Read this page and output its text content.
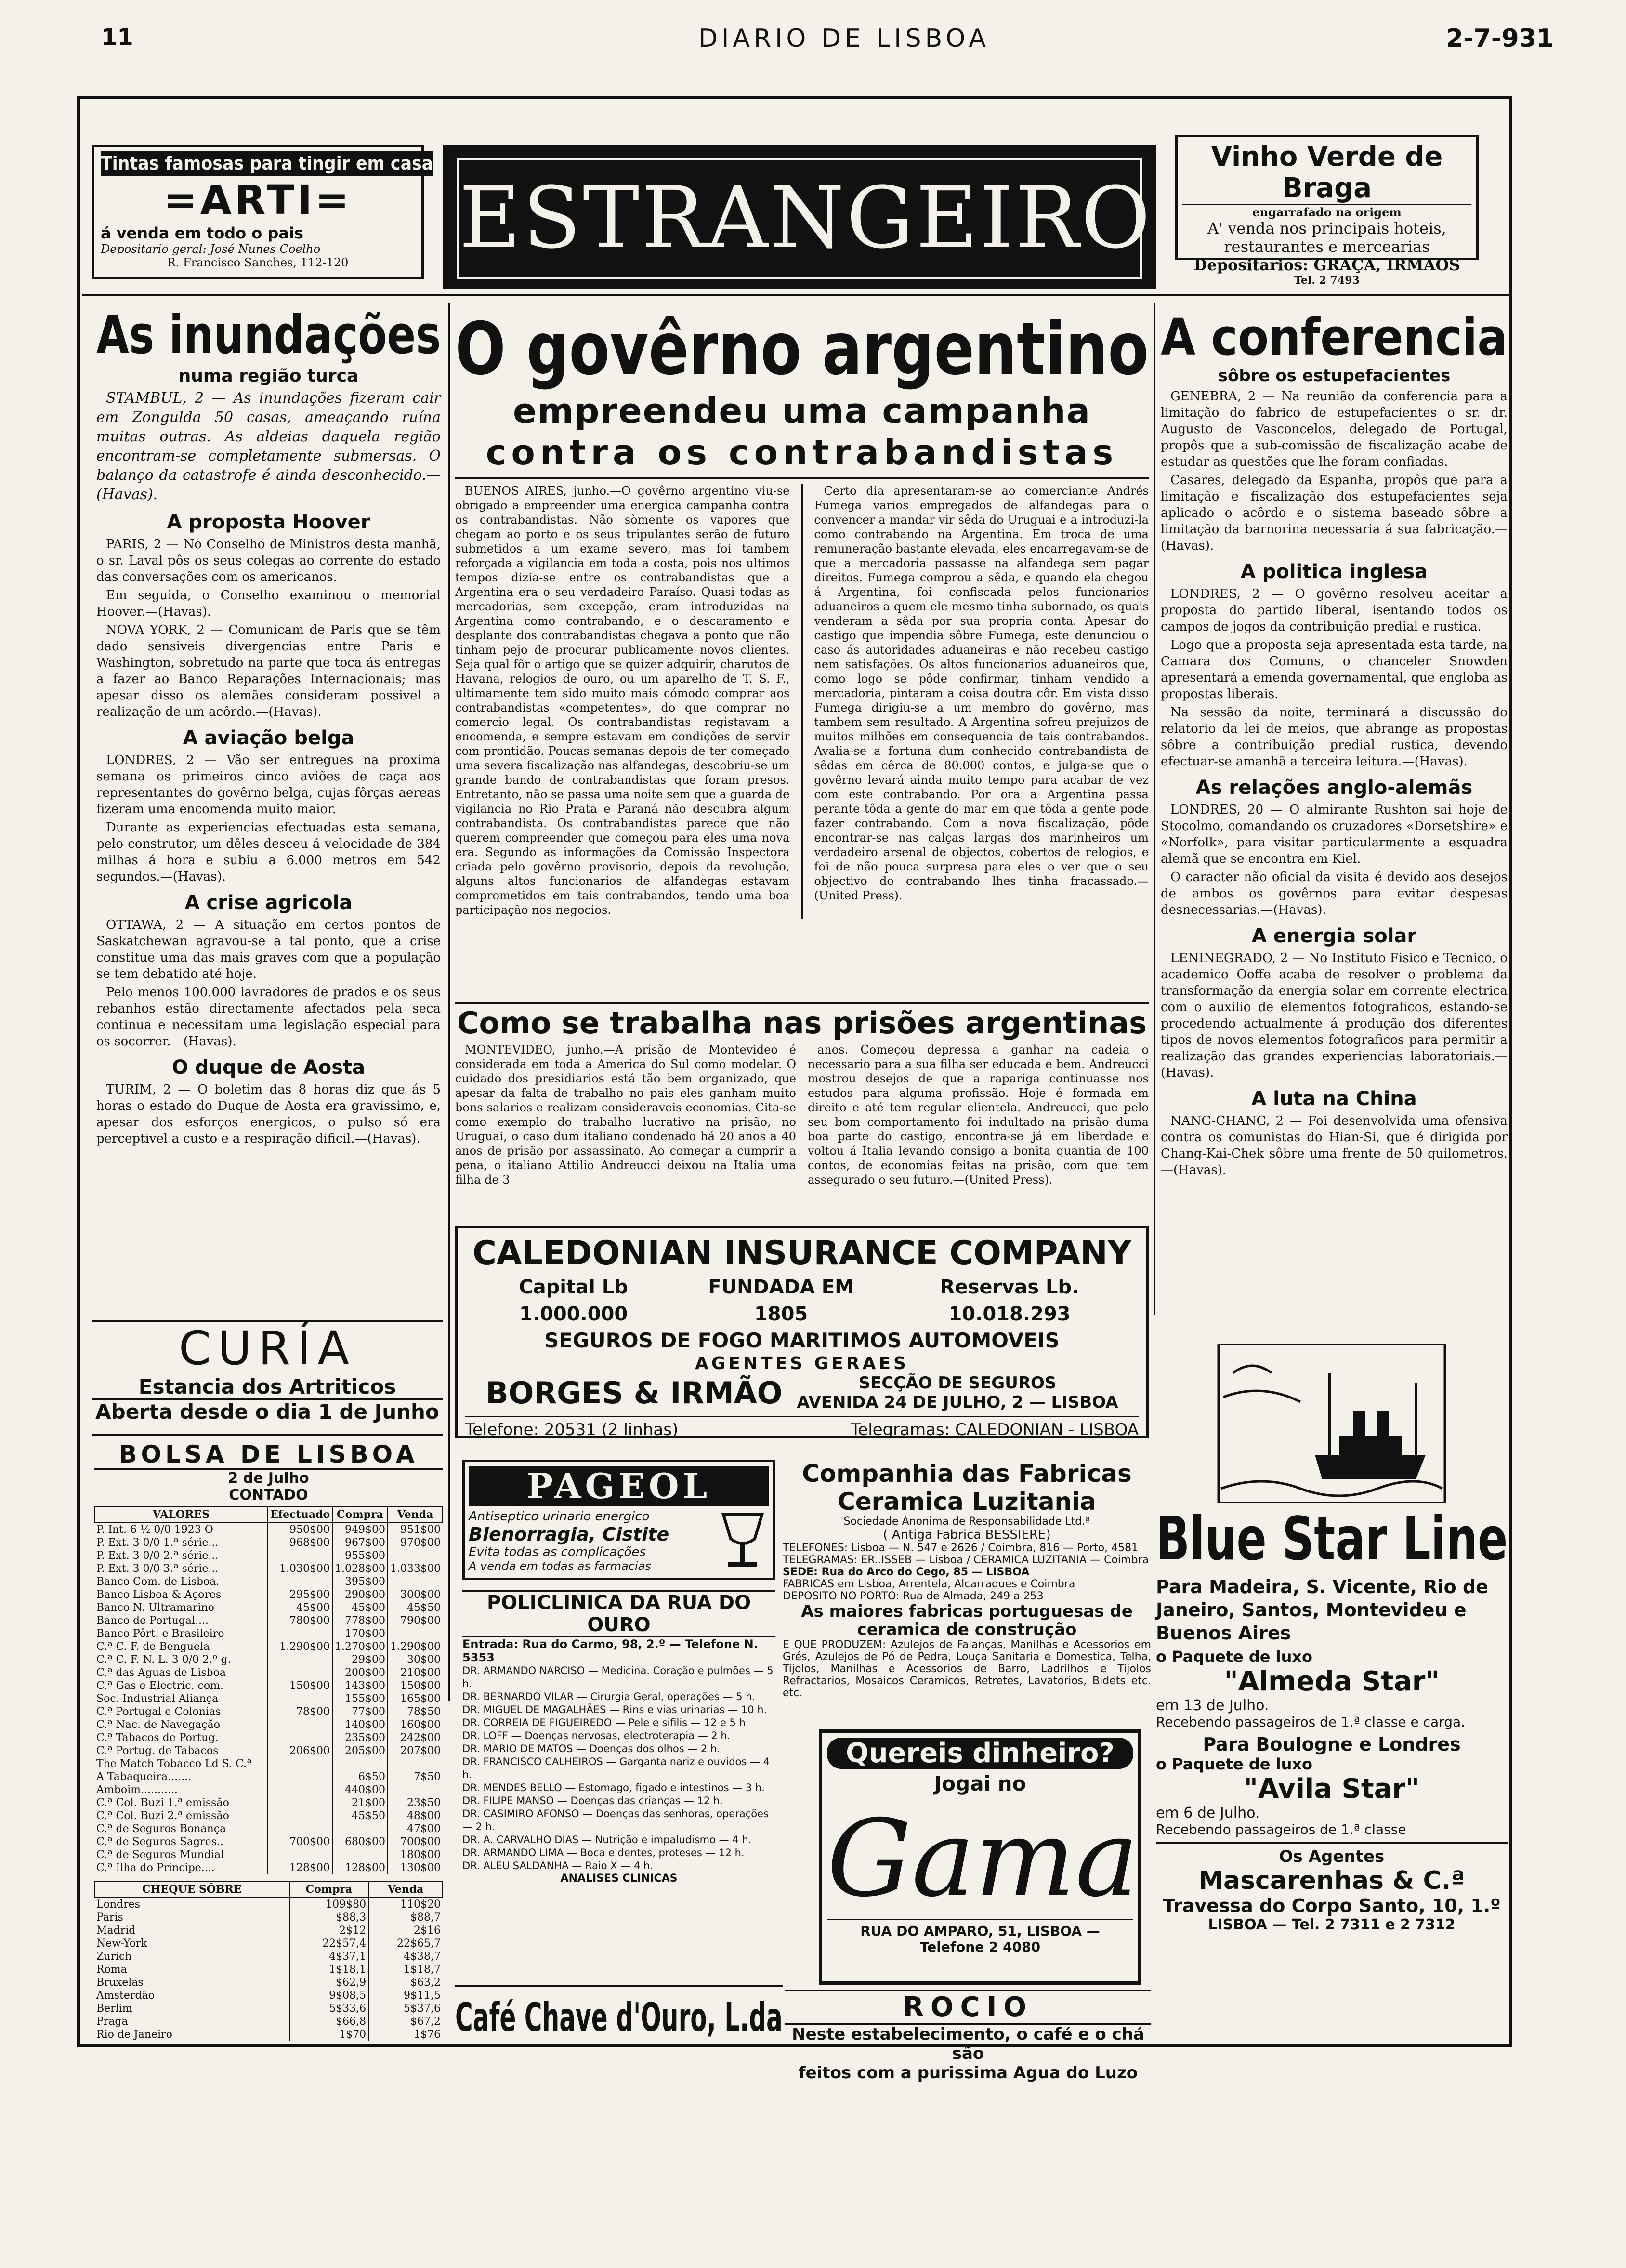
11	DIARIO DE LISBOA	2-7-931
Tintas famosas para tingir em casa
=ARTI=
á venda em todo o pais
Depositario geral: José Nunes Coelho
R. Francisco Sanches, 112-120	ESTRANGEIRO
Vinho Verde de Braga
engarrafado na origem
A' venda nos principais hoteis,
restaurantes e mercearias
Depositarios: GRAÇA, IRMAOS
Tel. 2 7493
As inundações
numa região turca

STAMBUL, 2 — As inundações fizeram cair em Zongulda 50 casas, ameaçando ruína muitas outras. As aldeias daquela região encontram-se completamente submersas. O balanço da catastrofe é ainda desconhecido.—(Havas).

A proposta Hoover

PARIS, 2 — No Conselho de Ministros desta manhã, o sr. Laval pôs os seus colegas ao corrente do estado das conversações com os americanos.

Em seguida, o Conselho examinou o memorial Hoover.—(Havas).

NOVA YORK, 2 — Comunicam de Paris que se têm dado sensiveis divergencias entre Paris e Washington, sobretudo na parte que toca ás entregas a fazer ao Banco Reparações Internacionais; mas apesar disso os alemães consideram possivel a realização de um acôrdo.—(Havas).

A aviação belga

LONDRES, 2 — Vão ser entregues na proxima semana os primeiros cinco aviões de caça aos representantes do govêrno belga, cujas fôrças aereas fizeram uma encomenda muito maior.

Durante as experiencias efectuadas esta semana, pelo construtor, um dêles desceu á velocidade de 384 milhas á hora e subiu a 6.000 metros em 542 segundos.—(Havas).

A crise agricola

OTTAWA, 2 — A situação em certos pontos de Saskatchewan agravou-se a tal ponto, que a crise constitue uma das mais graves com que a população se tem debatido até hoje.

Pelo menos 100.000 lavradores de prados e os seus rebanhos estão directamente afectados pela seca continua e necessitam uma legislação especial para os socorrer.—(Havas).

O duque de Aosta

TURIM, 2 — O boletim das 8 horas diz que ás 5 horas o estado do Duque de Aosta era gravissimo, e, apesar dos esforços energicos, o pulso só era perceptivel a custo e a respiração dificil.—(Havas).

CURÍA
Estancia dos Artriticos
Aberta desde o dia 1 de Junho
BOLSA DE LISBOA
2 de Julho
CONTADO
VALORES	Efectuado	Compra	Venda
P. Int. 6 ½ 0/0 1923 O	950$00	949$00	951$00
P. Ext. 3 0/0 1.ª série...	968$00	967$00	970$00
P. Ext. 3 0/0 2.ª série...		955$00	
P. Ext. 3 0/0 3.ª série...	1.030$00	1.028$00	1.033$00
Banco Com. de Lisboa.		395$00	
Banco Lisboa & Açores	295$00	290$00	300$00
Banco N. Ultramarino	45$00	45$00	45$50
Banco de Portugal....	780$00	778$00	790$00
Banco Pôrt. e Brasileiro		170$00	
C.ª C. F. de Benguela	1.290$00	1.270$00	1.290$00
C.ª C. F. N. L. 3 0/0 2.º g.		29$00	30$00
C.ª das Aguas de Lisboa		200$00	210$00
C.ª Gas e Electric. com.	150$00	143$00	150$00
Soc. Industrial Aliança		155$00	165$00
C.ª Portugal e Colonias	78$00	77$00	78$50
C.ª Nac. de Navegação		140$00	160$00
C.ª Tabacos de Portug.		235$00	242$00
C.ª Portug. de Tabacos	206$00	205$00	207$00
The Match Tobacco Ld S. C.ª			
A Tabaqueira.......		6$50	7$50
Amboim...........		440$00	
C.ª Col. Buzi 1.ª emissão		21$00	23$50
C.ª Col. Buzi 2.ª emissão		45$50	48$00
C.ª de Seguros Bonança			47$00
C.ª de Seguros Sagres..	700$00	680$00	700$00
C.ª de Seguros Mundial			180$00
C.ª Ilha do Principe....	128$00	128$00	130$00
CHEQUE SÔBRE	Compra	Venda
Londres	109$80	110$20
Paris	$88,3	$88,7
Madrid	2$12	2$16
New-York	22$57,4	22$65,7
Zurich	4$37,1	4$38,7
Roma	1$18,1	1$18,7
Bruxelas	$62,9	$63,2
Amsterdão	9$08,5	9$11,5
Berlim	5$33,6	5$37,6
Praga	$66,8	$67,2
Rio de Janeiro	1$70	1$76
O govêrno argentino
empreendeu uma campanha
contra os contrabandistas

BUENOS AIRES, junho.—O govêrno argentino viu-se obrigado a empreender uma energica campanha contra os contrabandistas. Não sòmente os vapores que chegam ao porto e os seus tripulantes serão de futuro submetidos a um exame severo, mas foi tambem reforçada a vigilancia em toda a costa, pois nos ultimos tempos dizia-se entre os contrabandistas que a Argentina era o seu verdadeiro Paraíso. Quasi todas as mercadorias, sem excepção, eram introduzidas na Argentina como contrabando, e o descaramento e desplante dos contrabandistas chegava a ponto que não tinham pejo de procurar publicamente novos clientes. Seja qual fôr o artigo que se quizer adquirir, charutos de Havana, relogios de ouro, ou um aparelho de T. S. F., ultimamente tem sido muito mais cómodo comprar aos contrabandistas «competentes», do que comprar no comercio legal. Os contrabandistas registavam a encomenda, e sempre estavam em condições de servir com prontidão. Poucas semanas depois de ter começado uma severa fiscalização nas alfandegas, descobriu-se um grande bando de contrabandistas que foram presos. Entretanto, não se passa uma noite sem que a guarda de vigilancia no Rio Prata e Paraná não descubra algum contrabandista. Os contrabandistas parece que não querem compreender que começou para eles uma nova era. Segundo as informações da Comissão Inspectora criada pelo govêrno provisorio, depois da revolução, alguns altos funcionarios de alfandegas estavam comprometidos em tais contrabandos, tendo uma boa participação nos negocios.

Certo dia apresentaram-se ao comerciante Andrés Fumega varios empregados de alfandegas para o convencer a mandar vir sêda do Uruguai e a introduzi-la como contrabando na Argentina. Em troca de uma remuneração bastante elevada, eles encarregavam-se de que a mercadoria passasse na alfandega sem pagar direitos. Fumega comprou a sêda, e quando ela chegou á Argentina, foi confiscada pelos funcionarios aduaneiros a quem ele mesmo tinha subornado, os quais venderam a sêda por sua propria conta. Apesar do castigo que impendia sôbre Fumega, este denunciou o caso ás autoridades aduaneiras e não recebeu castigo nem satisfações. Os altos funcionarios aduaneiros que, como logo se pôde confirmar, tinham vendido a mercadoria, pintaram a coisa doutra côr. Em vista disso Fumega dirigiu-se a um membro do govêrno, mas tambem sem resultado. A Argentina sofreu prejuizos de muitos milhões em consequencia de tais contrabandos. Avalia-se a fortuna dum conhecido contrabandista de sêdas em cêrca de 80.000 contos, e julga-se que o govêrno levará ainda muito tempo para acabar de vez com este contrabando. Por ora a Argentina passa perante tôda a gente do mar em que tôda a gente pode fazer contrabando. Com a nova fiscalização, pôde encontrar-se nas calças largas dos marinheiros um verdadeiro arsenal de objectos, cobertos de relogios, e foi de não pouca surpresa para eles o ver que o seu objectivo do contrabando lhes tinha fracassado.—(United Press).

Como se trabalha nas prisões argentinas

MONTEVIDEO, junho.—A prisão de Montevideo é considerada em toda a America do Sul como modelar. O cuidado dos presidiarios está tão bem organizado, que apesar da falta de trabalho no pais eles ganham muito bons salarios e realizam consideraveis economias. Cita-se como exemplo do trabalho lucrativo na prisão, no Uruguai, o caso dum italiano condenado há 20 anos a 40 anos de prisão por assassinato. Ao começar a cumprir a pena, o italiano Attilio Andreucci deixou na Italia uma filha de 3

anos. Começou depressa a ganhar na cadeia o necessario para a sua filha ser educada e bem. Andreucci mostrou desejos de que a rapariga continuasse nos estudos para alguma profissão. Hoje é formada em direito e até tem regular clientela. Andreucci, que pelo seu bom comportamento foi indultado na prisão duma boa parte do castigo, encontra-se já em liberdade e voltou á Italia levando consigo a bonita quantia de 100 contos, de economias feitas na prisão, com que tem assegurado o seu futuro.—(United Press).

CALEDONIAN INSURANCE COMPANY
Capital Lb 1.000.000
FUNDADA EM 1805
Reservas Lb. 10.018.293
SEGUROS DE FOGO MARITIMOS AUTOMOVEIS
AGENTES GERAES
BORGES & IRMÃO	SECÇÃO DE SEGUROS
AVENIDA 24 DE JULHO, 2 — LISBOA
Telefone: 20531 (2 linhas)	Telegramas: CALEDONIAN - LISBOA
PAGEOL
Antiseptico urinario energico
Blenorragia, Cistite
Evita todas as complicações
A venda em todas as farmacias
POLICLINICA DA RUA DO OURO
Entrada: Rua do Carmo, 98, 2.º — Telefone N. 5353
DR. ARMANDO NARCISO — Medicina. Coração e pulmões — 5 h.
DR. BERNARDO VILAR — Cirurgia Geral, operações — 5 h.
DR. MIGUEL DE MAGALHÃES — Rins e vias urinarias — 10 h.
DR. CORREIA DE FIGUEIREDO — Pele e sifilis — 12 e 5 h.
DR. LOFF — Doenças nervosas, electroterapia — 2 h.
DR. MARIO DE MATOS — Doenças dos olhos — 2 h.
DR. FRANCISCO CALHEIROS — Garganta nariz e ouvidos — 4 h.
DR. MENDES BELLO — Estomago, figado e intestinos — 3 h.
DR. FILIPE MANSO — Doenças das crianças — 12 h.
DR. CASIMIRO AFONSO — Doenças das senhoras, operações — 2 h.
DR. A. CARVALHO DIAS — Nutrição e impaludismo — 4 h.
DR. ARMANDO LIMA — Boca e dentes, proteses — 12 h.
DR. ALEU SALDANHA — Raio X — 4 h.
ANALISES CLINICAS
Café Chave d'Ouro, L.da
Companhia das Fabricas
Ceramica Luzitania
Sociedade Anonima de Responsabilidade Ltd.ª
( Antiga Fabrica BESSIERE)
TELEFONES: Lisboa — N. 547 e 2626 / Coimbra, 816 — Porto, 4581
TELEGRAMAS: ER..ISSEB — Lisboa / CERAMICA LUZITANIA — Coimbra
SEDE: Rua do Arco do Cego, 85 — LISBOA
FABRICAS em Lisboa, Arrentela, Alcarraques e Coimbra
DEPOSITO NO PORTO: Rua de Almada, 249 a 253
As maiores fabricas portuguesas de ceramica de construção
E QUE PRODUZEM: Azulejos de Faianças, Manilhas e Acessorios em Grés, Azulejos de Pó de Pedra, Louça Sanitaria e Domestica, Telha, Tijolos, Manilhas e Acessorios de Barro, Ladrilhos e Tijolos Refractarios, Mosaicos Ceramicos, Retretes, Lavatorios, Bidets etc. etc.
Quereis dinheiro?
Jogai no
Gama
RUA DO AMPARO, 51, LISBOA — Telefone 2 4080
ROCIO
Neste estabelecimento, o café e o chá são
feitos com a purissima Agua do Luzo
A conferencia
sôbre os estupefacientes

GENEBRA, 2 — Na reunião da conferencia para a limitação do fabrico de estupefacientes o sr. dr. Augusto de Vasconcelos, delegado de Portugal, propôs que a sub-comissão de fiscalização acabe de estudar as questões que lhe foram confiadas.

Casares, delegado da Espanha, propôs que para a limitação e fiscalização dos estupefacientes seja aplicado o acôrdo e o sistema baseado sôbre a limitação da barnorina necessaria á sua fabricação.—(Havas).

A politica inglesa

LONDRES, 2 — O govêrno resolveu aceitar a proposta do partido liberal, isentando todos os campos de jogos da contribuição predial e rustica.

Logo que a proposta seja apresentada esta tarde, na Camara dos Comuns, o chanceler Snowden apresentará a emenda governamental, que engloba as propostas liberais.

Na sessão da noite, terminará a discussão do relatorio da lei de meios, que abrange as propostas sôbre a contribuição predial rustica, devendo efectuar-se amanhã a terceira leitura.—(Havas).

As relações anglo-alemãs

LONDRES, 20 — O almirante Rushton sai hoje de Stocolmo, comandando os cruzadores «Dorsetshire» e «Norfolk», para visitar particularmente a esquadra alemã que se encontra em Kiel.

O caracter não oficial da visita é devido aos desejos de ambos os govêrnos para evitar despesas desnecessarias.—(Havas).

A energia solar

LENINEGRADO, 2 — No Instituto Fisico e Tecnico, o academico Ooffe acaba de resolver o problema da transformação da energia solar em corrente electrica com o auxilio de elementos fotograficos, estando-se procedendo actualmente á produção dos diferentes tipos de novos elementos fotograficos para permitir a realização das grandes experiencias laboratoriais.—(Havas).

A luta na China

NANG-CHANG, 2 — Foi desenvolvida uma ofensiva contra os comunistas do Hian-Si, que é dirigida por Chang-Kai-Chek sôbre uma frente de 50 quilometros.—(Havas).

Blue Star Line
Para Madeira, S. Vicente, Rio de Janeiro, Santos, Montevideu e Buenos Aires
o Paquete de luxo
"Almeda Star"
em 13 de Julho.
Recebendo passageiros de 1.ª classe e carga.
Para Boulogne e Londres
o Paquete de luxo
"Avila Star"
em 6 de Julho.
Recebendo passageiros de 1.ª classe
Os Agentes
Mascarenhas & C.ª
Travessa do Corpo Santo, 10, 1.º
LISBOA — Tel. 2 7311 e 2 7312
